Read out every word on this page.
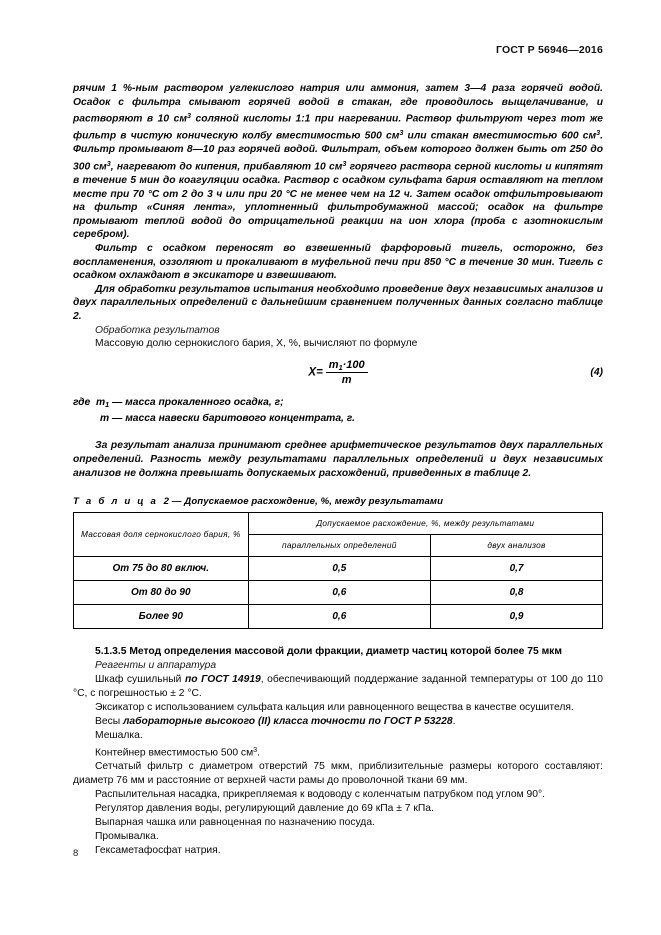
ГОСТ Р 56946—2016

рячим 1 %-ным раствором углекислого натрия или аммония, затем 3—4 раза горячей водой. Осадок с фильтра смывают горячей водой в стакан, где проводилось выщелачивание, и растворяют в 10 $см^3$ соляной кислоты 1:1 при нагревании. Раствор фильтруют через тот же фильтр в чистую коническую колбу вместимостью 500 $см^3$ или стакан вместимостью 600 $см^3$. Фильтр промывают 8—10 раз горячей водой. Фильтрат, объем которого должен быть от 250 до 300 $см^3$, нагревают до кипения, прибавляют 10 $см^3$ горячего раствора серной кислоты и кипятят в течение 5 мин до коагуляции осадка. Раствор с осадком сульфата бария оставляют на теплом месте при 70 °С от 2 до 3 ч или при 20 °С не менее чем на 12 ч. Затем осадок отфильтровывают на фильтр «Синяя лента», уплотненный фильтробумажной массой; осадок на фильтре промывают теплой водой до отрицательной реакции на ион хлора (проба с азотнокислым серебром).

Фильтр с осадком переносят во взвешенный фарфоровый тигель, осторожно, без воспламенения, оззоляют и прокаливают в муфельной печи при 850 °С в течение 30 мин. Тигель с осадком охлаждают в эксикаторе и взвешивают.

Для обработки результатов испытания необходимо проведение двух независимых анализов и двух параллельных определений с дальнейшим сравнением полученных данных согласно таблице 2.

Обработка результатов

Массовую долю сернокислого бария, X, %, вычисляют по формуле

$X= \frac{m_1\cdot 100}{m}$	(4)
где $m_1$ — масса прокаленного осадка, г;
m — масса навески баритового концентрата, г.

За результат анализа принимают среднее арифметическое результатов двух параллельных определений. Разность между результатами параллельных определений и двух независимых анализов не должна превышать допускаемых расхождений, приведенных в таблице 2.

Т а б л и ц а 2 — Допускаемое расхождение, %, между результатами

Массовая доля сернокислого бария, %	Допускаемое расхождение, %, между результатами	
	параллельных определений	двух анализов
От 75 до 80 включ.	0,5	0,7
От 80 до 90	0,6	0,8
Более 90	0,6	0,9

5.1.3.5 Метод определения массовой доли фракции, диаметр частиц которой более 75 мкм

Реагенты и аппаратура

Шкаф сушильный по ГОСТ 14919, обеспечивающий поддержание заданной температуры от 100 до 110 °С, с погрешностью ± 2 °С.

Эксикатор с использованием сульфата кальция или равноценного вещества в качестве осушителя.

Весы лабораторные высокого (II) класса точности по ГОСТ Р 53228.

Мешалка.

Контейнер вместимостью 500 $см^3$.

Сетчатый фильтр с диаметром отверстий 75 мкм, приблизительные размеры которого составляют: диаметр 76 мм и расстояние от верхней части рамы до проволочной ткани 69 мм.

Распылительная насадка, прикрепляемая к водоводу с коленчатым патрубком под углом 90°.

Регулятор давления воды, регулирующий давление до 69 кПа ± 7 кПа.

Выпарная чашка или равноценная по назначению посуда.

Промывалка.

Гексаметафосфат натрия.

8
